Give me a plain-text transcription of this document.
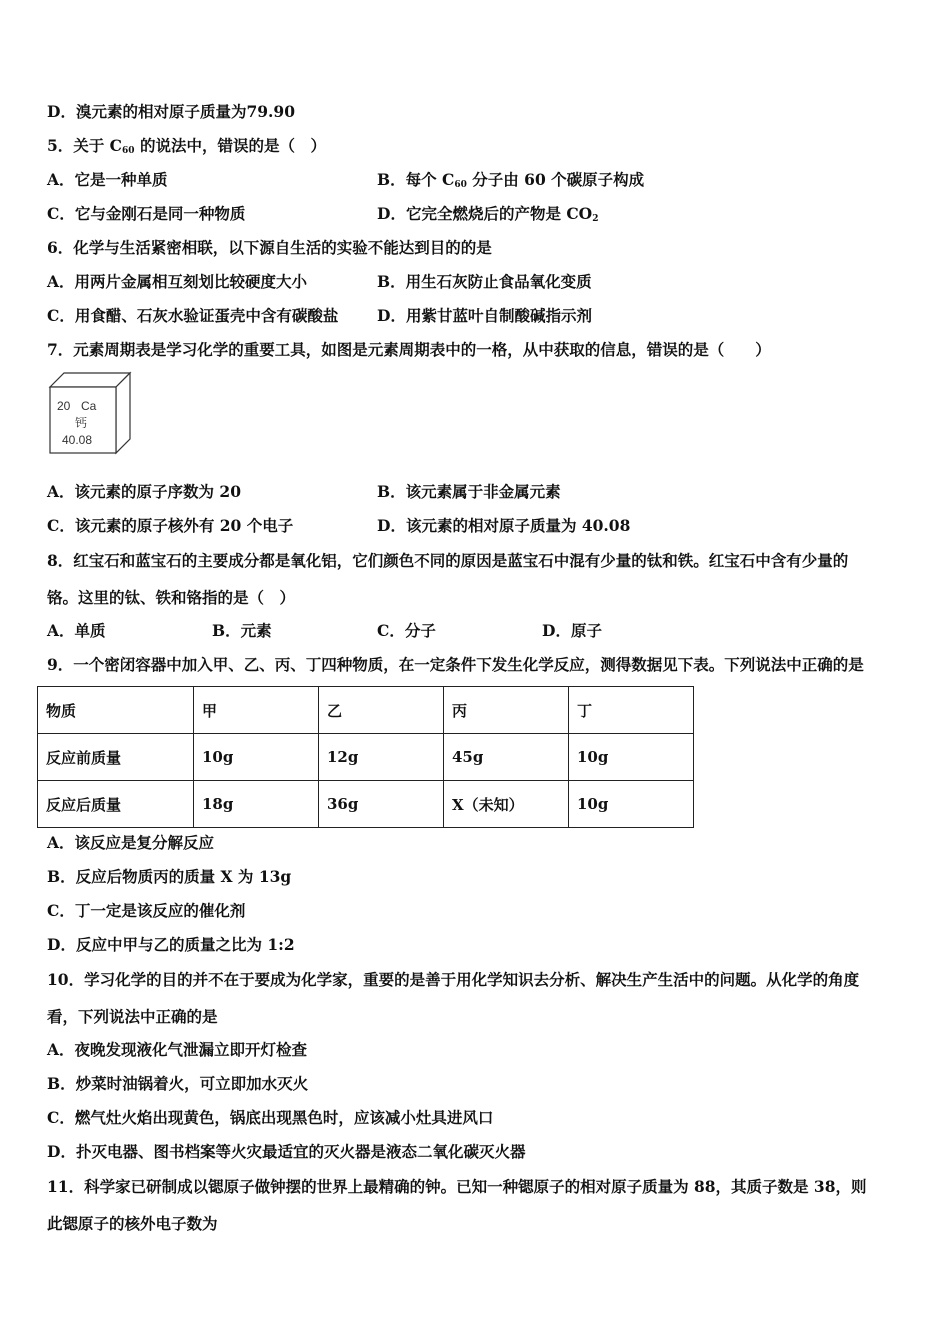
D．溴元素的相对原子质量为79.90
5．关于 $C_{60}$ 的说法中，错误的是（　）
A．它是一种单质	B．每个 $C_{60}$ 分子由 60 个碳原子构成
C．它与金刚石是同一种物质	D．它完全燃烧后的产物是 $CO_2$
6．化学与生活紧密相联，以下源自生活的实验不能达到目的的是
A．用两片金属相互刻划比较硬度大小	B．用生石灰防止食品氧化变质
C．用食醋、石灰水验证蛋壳中含有碳酸盐 D．用紫甘蓝叶自制酸碱指示剂
7．元素周期表是学习化学的重要工具，如图是元素周期表中的一格，从中获取的信息，错误的是（　　）
20 Ca
钙
40.08
A．该元素的原子序数为 20	B．该元素属于非金属元素
C．该元素的原子核外有 20 个电子	D．该元素的相对原子质量为 40.08
8．红宝石和蓝宝石的主要成分都是氧化铝，它们颜色不同的原因是蓝宝石中混有少量的钛和铁。红宝石中含有少量的
铬。这里的钛、铁和铬指的是（　）
A．单质	B．元素	C．分子	D．原子
9．一个密闭容器中加入甲、乙、丙、丁四种物质，在一定条件下发生化学反应，测得数据见下表。下列说法中正确的是
物质	甲	乙	丙	丁
反应前质量	10g	12g	45g	10g
反应后质量	18g	36g	X（未知）	10g
A．该反应是复分解反应
B．反应后物质丙的质量 X 为 13g
C．丁一定是该反应的催化剂
D．反应中甲与乙的质量之比为 1:2
10．学习化学的目的并不在于要成为化学家，重要的是善于用化学知识去分析、解决生产生活中的问题。从化学的角度
看，下列说法中正确的是
A．夜晚发现液化气泄漏立即开灯检查
B．炒菜时油锅着火，可立即加水灭火
C．燃气灶火焰出现黄色，锅底出现黑色时，应该减小灶具进风口
D．扑灭电器、图书档案等火灾最适宜的灭火器是液态二氧化碳灭火器
11．科学家已研制成以锶原子做钟摆的世界上最精确的钟。已知一种锶原子的相对原子质量为 88，其质子数是 38，则
此锶原子的核外电子数为
